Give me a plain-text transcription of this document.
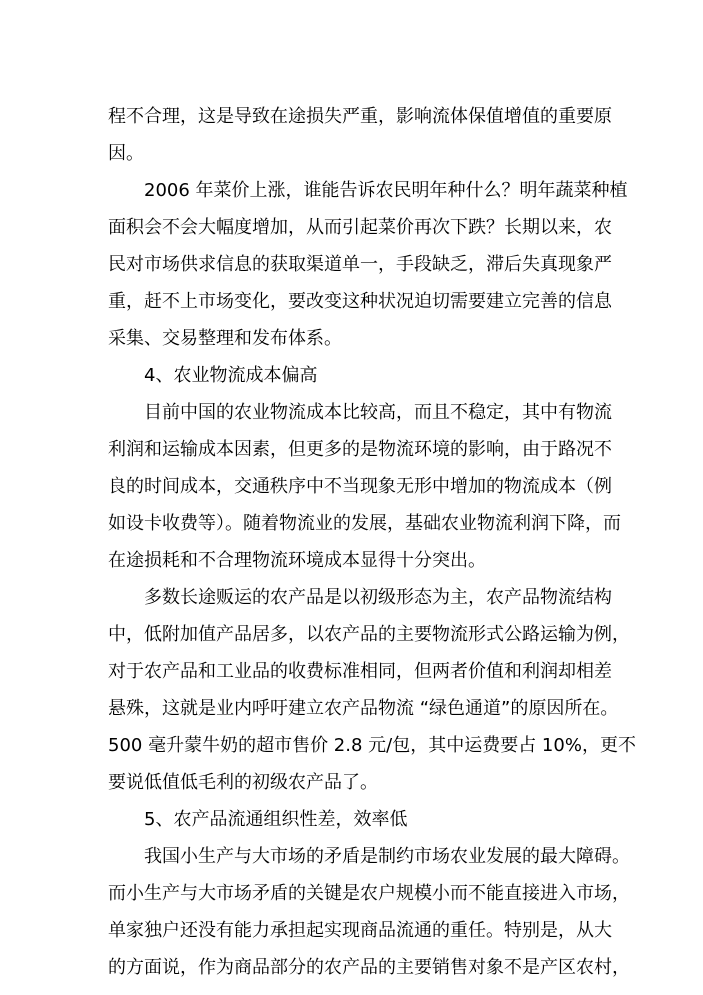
程不合理，这是导致在途损失严重，影响流体保值增值的重要原
因。
2006 年菜价上涨，谁能告诉农民明年种什么？明年蔬菜种植
面积会不会大幅度增加，从而引起菜价再次下跌？长期以来，农
民对市场供求信息的获取渠道单一，手段缺乏，滞后失真现象严
重，赶不上市场变化，要改变这种状况迫切需要建立完善的信息
采集、交易整理和发布体系。
4、农业物流成本偏高
目前中国的农业物流成本比较高，而且不稳定，其中有物流
利润和运输成本因素，但更多的是物流环境的影响，由于路况不
良的时间成本，交通秩序中不当现象无形中增加的物流成本（例
如设卡收费等）。随着物流业的发展，基础农业物流利润下降，而
在途损耗和不合理物流环境成本显得十分突出。
多数长途贩运的农产品是以初级形态为主，农产品物流结构
中，低附加值产品居多，以农产品的主要物流形式公路运输为例，
对于农产品和工业品的收费标准相同，但两者价值和利润却相差
悬殊，这就是业内呼吁建立农产品物流 “绿色通道”的原因所在。
500 毫升蒙牛奶的超市售价 2.8 元/包，其中运费要占 10%，更不
要说低值低毛利的初级农产品了。
5、农产品流通组织性差，效率低
我国小生产与大市场的矛盾是制约市场农业发展的最大障碍。
而小生产与大市场矛盾的关键是农户规模小而不能直接进入市场，
单家独户还没有能力承担起实现商品流通的重任。特别是，从大
的方面说，作为商品部分的农产品的主要销售对象不是产区农村，
